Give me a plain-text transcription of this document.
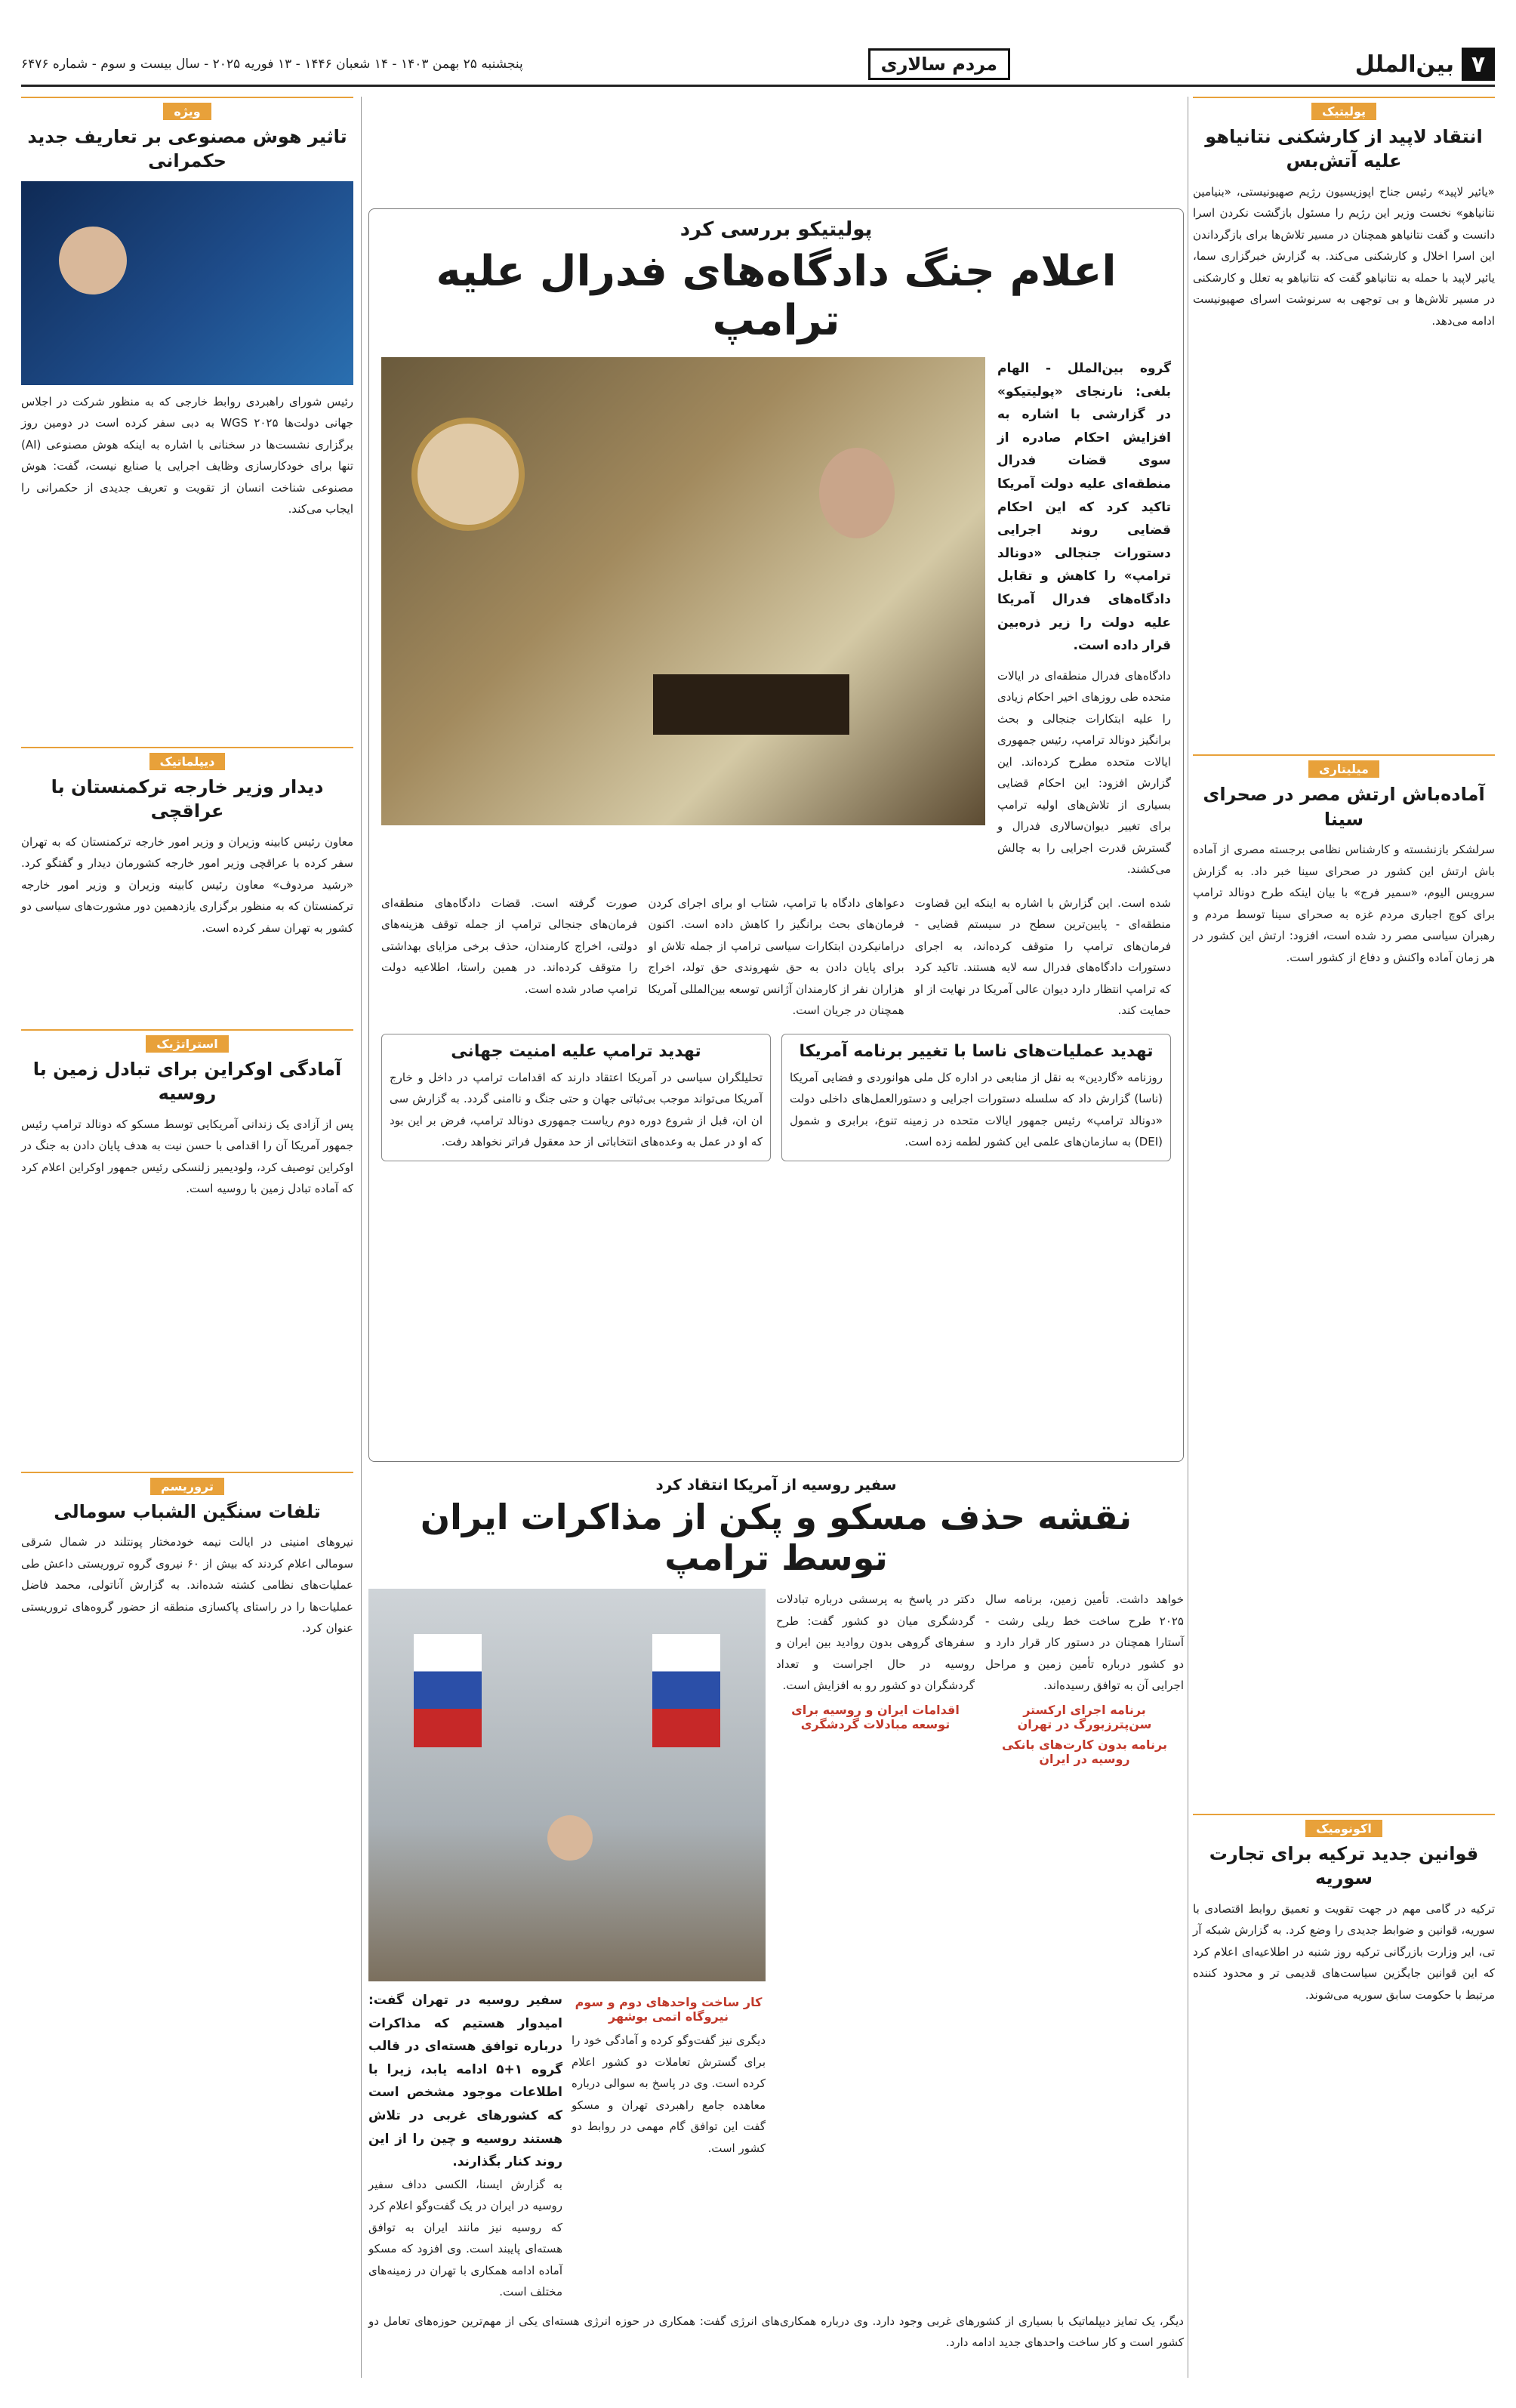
۷
بین‌الملل
مردم سالاری
پنجشنبه ۲۵ بهمن ۱۴۰۳ - ۱۴ شعبان ۱۴۴۶ - ۱۳ فوریه ۲۰۲۵ - سال بیست و سوم - شماره ۶۴۷۶
پولیتیک
انتقاد لاپید از کارشکنی نتانیاهو علیه آتش‌بس

«یائیر لاپید» رئیس جناح اپوزیسیون رژیم صهیونیستی، «بنیامین نتانیاهو» نخست وزیر این رژیم را مسئول بازگشت نکردن اسرا دانست و گفت نتانیاهو همچنان در مسیر تلاش‌ها برای بازگرداندن این اسرا اخلال و کارشکنی می‌کند. به گزارش خبرگزاری سما، یائیر لاپید با حمله به نتانیاهو گفت که نتانیاهو به تعلل و کارشکنی در مسیر تلاش‌ها و بی توجهی به سرنوشت اسرای صهیونیست ادامه می‌دهد.

میلیتاری
آماده‌باش ارتش مصر در صحرای سینا

سرلشکر بازنشسته و کارشناس نظامی برجسته مصری از آماده باش ارتش این کشور در صحرای سینا خبر داد. به گزارش سرویس الیوم، «سمیر فرج» با بیان اینکه طرح دونالد ترامپ برای کوچ اجباری مردم غزه به صحرای سینا توسط مردم و رهبران سیاسی مصر رد شده است، افزود: ارتش این کشور در هر زمان آماده واکنش و دفاع از کشور است.

اکونومیک
قوانین جدید ترکیه برای تجارت سوریه

ترکیه در گامی مهم در جهت تقویت و تعمیق روابط اقتصادی با سوریه، قوانین و ضوابط جدیدی را وضع کرد. به گزارش شبکه آر تی، ایر وزارت بازرگانی ترکیه روز شنبه در اطلاعیه‌ای اعلام کرد که این قوانین جایگزین سیاست‌های قدیمی تر و محدود کننده مرتبط با حکومت سابق سوریه می‌شوند.

ویژه
تاثیر هوش مصنوعی بر تعاریف جدید حکمرانی

رئیس شورای راهبردی روابط خارجی که به منظور شرکت در اجلاس جهانی دولت‌ها WGS ۲۰۲۵ به دبی سفر کرده است در دومین روز برگزاری نشست‌ها در سخنانی با اشاره به اینکه هوش مصنوعی (AI) تنها برای خودکارسازی وظایف اجرایی یا صنایع نیست، گفت: هوش مصنوعی شناخت انسان از تقویت و تعریف جدیدی از حکمرانی را ایجاب می‌کند.

دیپلماتیک
دیدار وزیر خارجه ترکمنستان با عراقچی

معاون رئیس کابینه وزیران و وزیر امور خارجه ترکمنستان که به تهران سفر کرده با عراقچی وزیر امور خارجه کشورمان دیدار و گفتگو کرد. «رشید مردوف» معاون رئیس کابینه وزیران و وزیر امور خارجه ترکمنستان که به منظور برگزاری یازدهمین دور مشورت‌های سیاسی دو کشور به تهران سفر کرده است.

استراتژیک
آمادگی اوکراین برای تبادل زمین با روسیه

پس از آزادی یک زندانی آمریکایی توسط مسکو که دونالد ترامپ رئیس جمهور آمریکا آن را اقدامی با حسن نیت به هدف پایان دادن به جنگ در اوکراین توصیف کرد، ولودیمیر زلنسکی رئیس جمهور اوکراین اعلام کرد که آماده تبادل زمین با روسیه است.

تروریسم
تلفات سنگین الشباب سومالی

نیروهای امنیتی در ایالت نیمه خودمختار پونتلند در شمال شرقی سومالی اعلام کردند که بیش از ۶۰ نیروی گروه تروریستی داعش طی عملیات‌های نظامی کشته شده‌اند. به گزارش آناتولی، محمد فاضل عملیات‌ها را در راستای پاکسازی منطقه از حضور گروه‌های تروریستی عنوان کرد.

پولیتیکو بررسی کرد
اعلام جنگ دادگاه‌های فدرال علیه ترامپ

گروه بین‌الملل - الهام بلغی: نارنجای «پولیتیکو» در گزارشی با اشاره به افزایش احکام صادره از سوی قضات فدرال منطقه‌ای علیه دولت آمریکا تاکید کرد که این احکام قضایی روند اجرایی دستورات جنجالی «دونالد ترامپ» را کاهش و تقابل دادگاه‌های فدرال آمریکا علیه دولت را زیر ذره‌بین قرار داده است.

دادگاه‌های فدرال منطقه‌ای در ایالات متحده طی روزهای اخیر احکام زیادی را علیه ابتکارات جنجالی و بحث برانگیز دونالد ترامپ، رئیس جمهوری ایالات متحده مطرح کرده‌اند. این گزارش افزود: این احکام قضایی بسیاری از تلاش‌های اولیه ترامپ برای تغییر دیوان‌سالاری فدرال و گسترش قدرت اجرایی را به چالش می‌کشند.

شده است. این گزارش با اشاره به اینکه این قضاوت منطقه‌ای - پایین‌ترین سطح در سیستم قضایی - فرمان‌های ترامپ را متوقف کرده‌اند، به اجرای دستورات دادگاه‌های فدرال سه لایه هستند. تاکید کرد که ترامپ انتظار دارد دیوان عالی آمریکا در نهایت از او حمایت کند.

دعواهای دادگاه با ترامپ، شتاب او برای اجرای کردن فرمان‌های بحث برانگیز را کاهش داده است. اکنون درامانیکردن ابتکارات سیاسی ترامپ از جمله تلاش او برای پایان دادن به حق شهروندی حق تولد، اخراج هزاران نفر از کارمندان آژانس توسعه بین‌المللی آمریکا همچنان در جریان است.

صورت گرفته است. قضات دادگاه‌های منطقه‌ای فرمان‌های جنجالی ترامپ از جمله توقف هزینه‌های دولتی، اخراج کارمندان، حذف برخی مزایای بهداشتی را متوقف کرده‌اند. در همین راستا، اطلاعیه دولت ترامپ صادر شده است.

تهدید عملیات‌های ناسا با تغییر برنامه آمریکا

روزنامه «گاردین» به نقل از منابعی در اداره کل ملی هوانوردی و فضایی آمریکا (ناسا) گزارش داد که سلسله دستورات اجرایی و دستورالعمل‌های داخلی دولت «دونالد ترامپ» رئیس جمهور ایالات متحده در زمینه تنوع، برابری و شمول (DEI) به سازمان‌های علمی این کشور لطمه زده است.

تهدید ترامپ علیه امنیت جهانی

تحلیلگران سیاسی در آمریکا اعتقاد دارند که اقدامات ترامپ در داخل و خارج آمریکا می‌تواند موجب بی‌ثباتی جهان و حتی جنگ و ناامنی گردد. به گزارش سی ان ان، قبل از شروع دوره دوم ریاست جمهوری دونالد ترامپ، فرض بر این بود که او در عمل به وعده‌های انتخاباتی از حد معقول فراتر نخواهد رفت.

سفیر روسیه از آمریکا انتقاد کرد
نقشه حذف مسکو و پکن از مذاکرات ایران توسط ترامپ

خواهد داشت. تأمین زمین، برنامه سال ۲۰۲۵ طرح ساخت خط ریلی رشت - آستارا همچنان در دستور کار قرار دارد و دو کشور درباره تأمین زمین و مراحل اجرایی آن به توافق رسیده‌اند.

برنامه اجرای ارکستر سن‌پترزبورگ در تهران
برنامه بدون کارت‌های بانکی روسیه در ایران

دکتر در پاسخ به پرسشی درباره تبادلات گردشگری میان دو کشور گفت: طرح سفرهای گروهی بدون روادید بین ایران و روسیه در حال اجراست و تعداد گردشگران دو کشور رو به افزایش است.

اقدامات ایران و روسیه برای توسعه مبادلات گردشگری
کار ساخت واحدهای دوم و سوم نیروگاه اتمی بوشهر

دیگری نیز گفت‌وگو کرده و آمادگی خود را برای گسترش تعاملات دو کشور اعلام کرده است. وی در پاسخ به سوالی درباره معاهده جامع راهبردی تهران و مسکو گفت این توافق گام مهمی در روابط دو کشور است.

سفیر روسیه در تهران گفت: امیدوار هستیم که مذاکرات درباره توافق هسته‌ای در قالب گروه ۱+۵ ادامه یابد، زیرا با اطلاعات موجود مشخص است که کشورهای غربی در تلاش هستند روسیه و چین را از این روند کنار بگذارند.

به گزارش ایسنا، الکسی دداف سفیر روسیه در ایران در یک گفت‌وگو اعلام کرد که روسیه نیز مانند ایران به توافق هسته‌ای پایبند است. وی افزود که مسکو آماده ادامه همکاری با تهران در زمینه‌های مختلف است.

دیگر، یک تمایز دیپلماتیک با بسیاری از کشورهای غربی وجود دارد. وی درباره همکاری‌های انرژی گفت: همکاری در حوزه انرژی هسته‌ای یکی از مهم‌ترین حوزه‌های تعامل دو کشور است و کار ساخت واحدهای جدید ادامه دارد.
